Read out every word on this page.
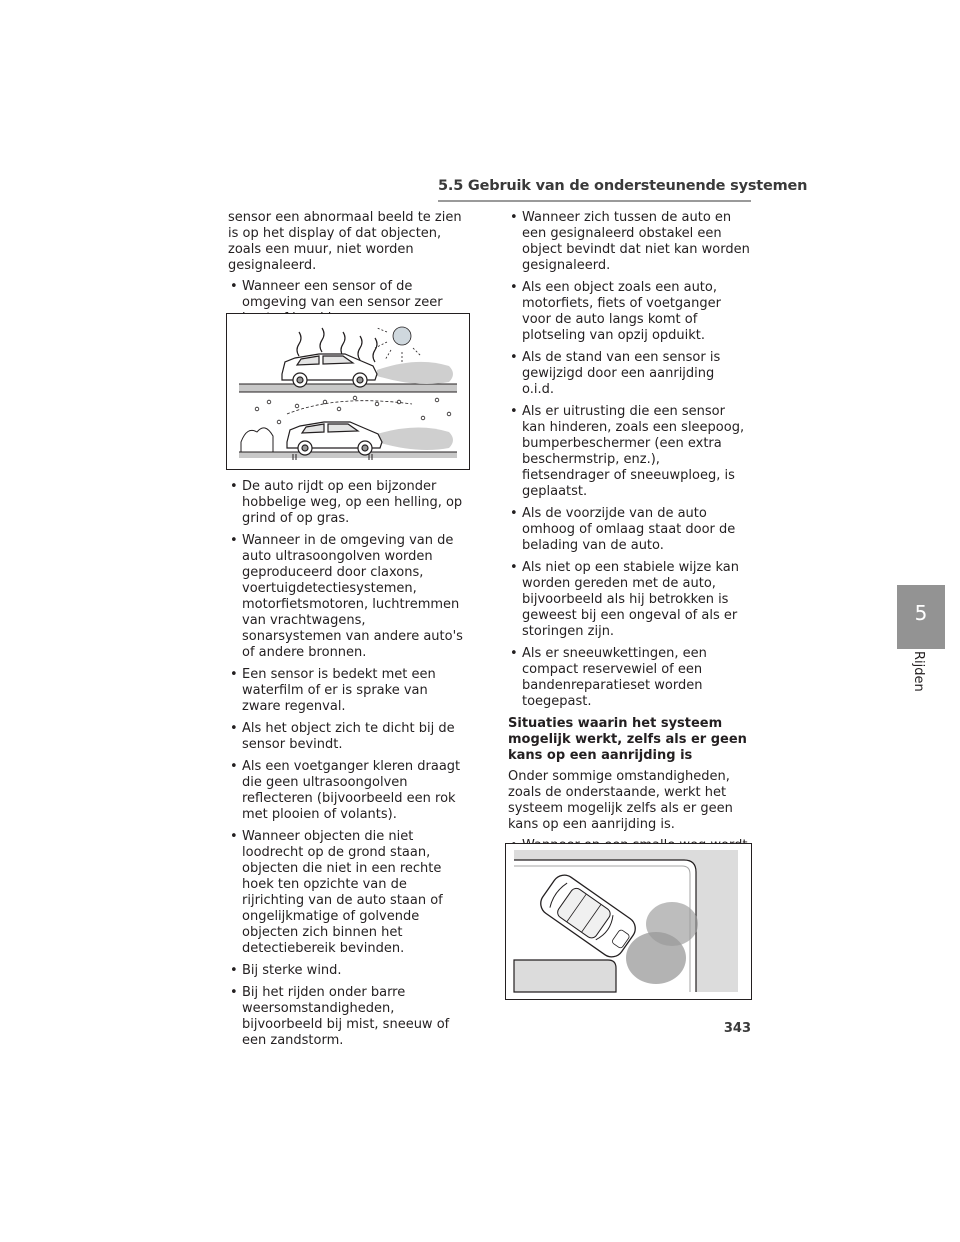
5.5 Gebruik van de ondersteunende systemen

sensor een abnormaal beeld te zien is op het display of dat objecten, zoals een muur, niet worden gesignaleerd.

• Wanneer een sensor of de omgeving van een sensor zeer
• De auto rijdt op een bijzonder hobbelige weg, op een helling, op grind of op gras.
• Wanneer in de omgeving van de auto ultrasoongolven worden geproduceerd door claxons, voertuigdetectiesystemen, motorfietsmotoren, luchtremmen van vrachtwagens, sonarsystemen van andere auto's of andere bronnen.
• Een sensor is bedekt met een waterfilm of er is sprake van zware regenval.
• Als het object zich te dicht bij de sensor bevindt.
• Als een voetganger kleren draagt die geen ultrasoongolven reflecteren (bijvoorbeeld een rok met plooien of volants).
• Wanneer objecten die niet loodrecht op de grond staan, objecten die niet in een rechte hoek ten opzichte van de rijrichting van de auto staan of ongelijkmatige of golvende objecten zich binnen het detectiebereik bevinden.
• Bij sterke wind.
• Bij het rijden onder barre weersomstandigheden, bijvoorbeeld bij mist, sneeuw of een zandstorm.
• Wanneer zich tussen de auto en een gesignaleerd obstakel een object bevindt dat niet kan worden gesignaleerd.
• Als een object zoals een auto, motorfiets, fiets of voetganger voor de auto langs komt of plotseling van opzij opduikt.
• Als de stand van een sensor is gewijzigd door een aanrijding o.i.d.
• Als er uitrusting die een sensor kan hinderen, zoals een sleepoog, bumperbeschermer (een extra beschermstrip, enz.), fietsendrager of sneeuwploeg, is geplaatst.
• Als de voorzijde van de auto omhoog of omlaag staat door de belading van de auto.
• Als niet op een stabiele wijze kan worden gereden met de auto, bijvoorbeeld als hij betrokken is geweest bij een ongeval of als er storingen zijn.
• Als er sneeuwkettingen, een compact reservewiel of een bandenreparatieset worden toegepast.

Situaties waarin het systeem mogelijk werkt, zelfs als er geen kans op een aanrijding is

Onder sommige omstandigheden, zoals de onderstaande, werkt het systeem mogelijk zelfs als er geen kans op een aanrijding is.

•
5
Rijden
343
